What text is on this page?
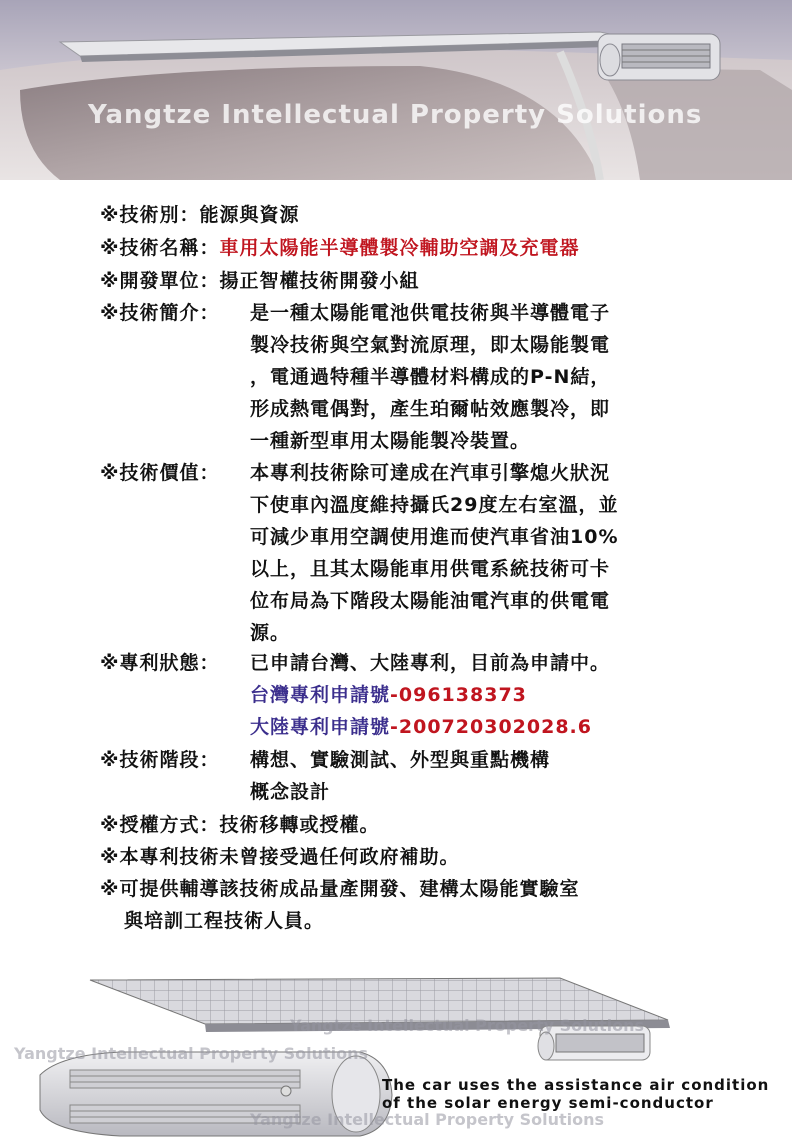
Yangtze Intellectual Property Solutions
※技術別：能源與資源
※技術名稱：車用太陽能半導體製冷輔助空調及充電器
※開發單位：揚正智權技術開發小組
※技術簡介： 是一種太陽能電池供電技術與半導體電子
製冷技術與空氣對流原理，即太陽能製電
，電通過特種半導體材料構成的P-N結，
形成熱電偶對，產生珀爾帖效應製冷，即
一種新型車用太陽能製冷裝置。
※技術價值： 本專利技術除可達成在汽車引擎熄火狀況
下使車內溫度維持攝氏29度左右室溫，並
可減少車用空調使用進而使汽車省油10%
以上，且其太陽能車用供電系統技術可卡
位布局為下階段太陽能油電汽車的供電電
源。
※專利狀態： 已申請台灣、大陸專利，目前為申請中。
台灣專利申請號-096138373
大陸專利申請號-200720302028.6
※技術階段： 構想、實驗測試、外型與重點機構
概念設計
※授權方式：技術移轉或授權。
※本專利技術未曾接受過任何政府補助。
※可提供輔導該技術成品量產開發、建構太陽能實驗室
與培訓工程技術人員。
Yangtze Intellectual Property Solutions
Yangtze Intellectual Property Solutions
Yangtze Intellectual Property Solutions
The car uses the assistance air condition
of the solar energy semi-conductor
